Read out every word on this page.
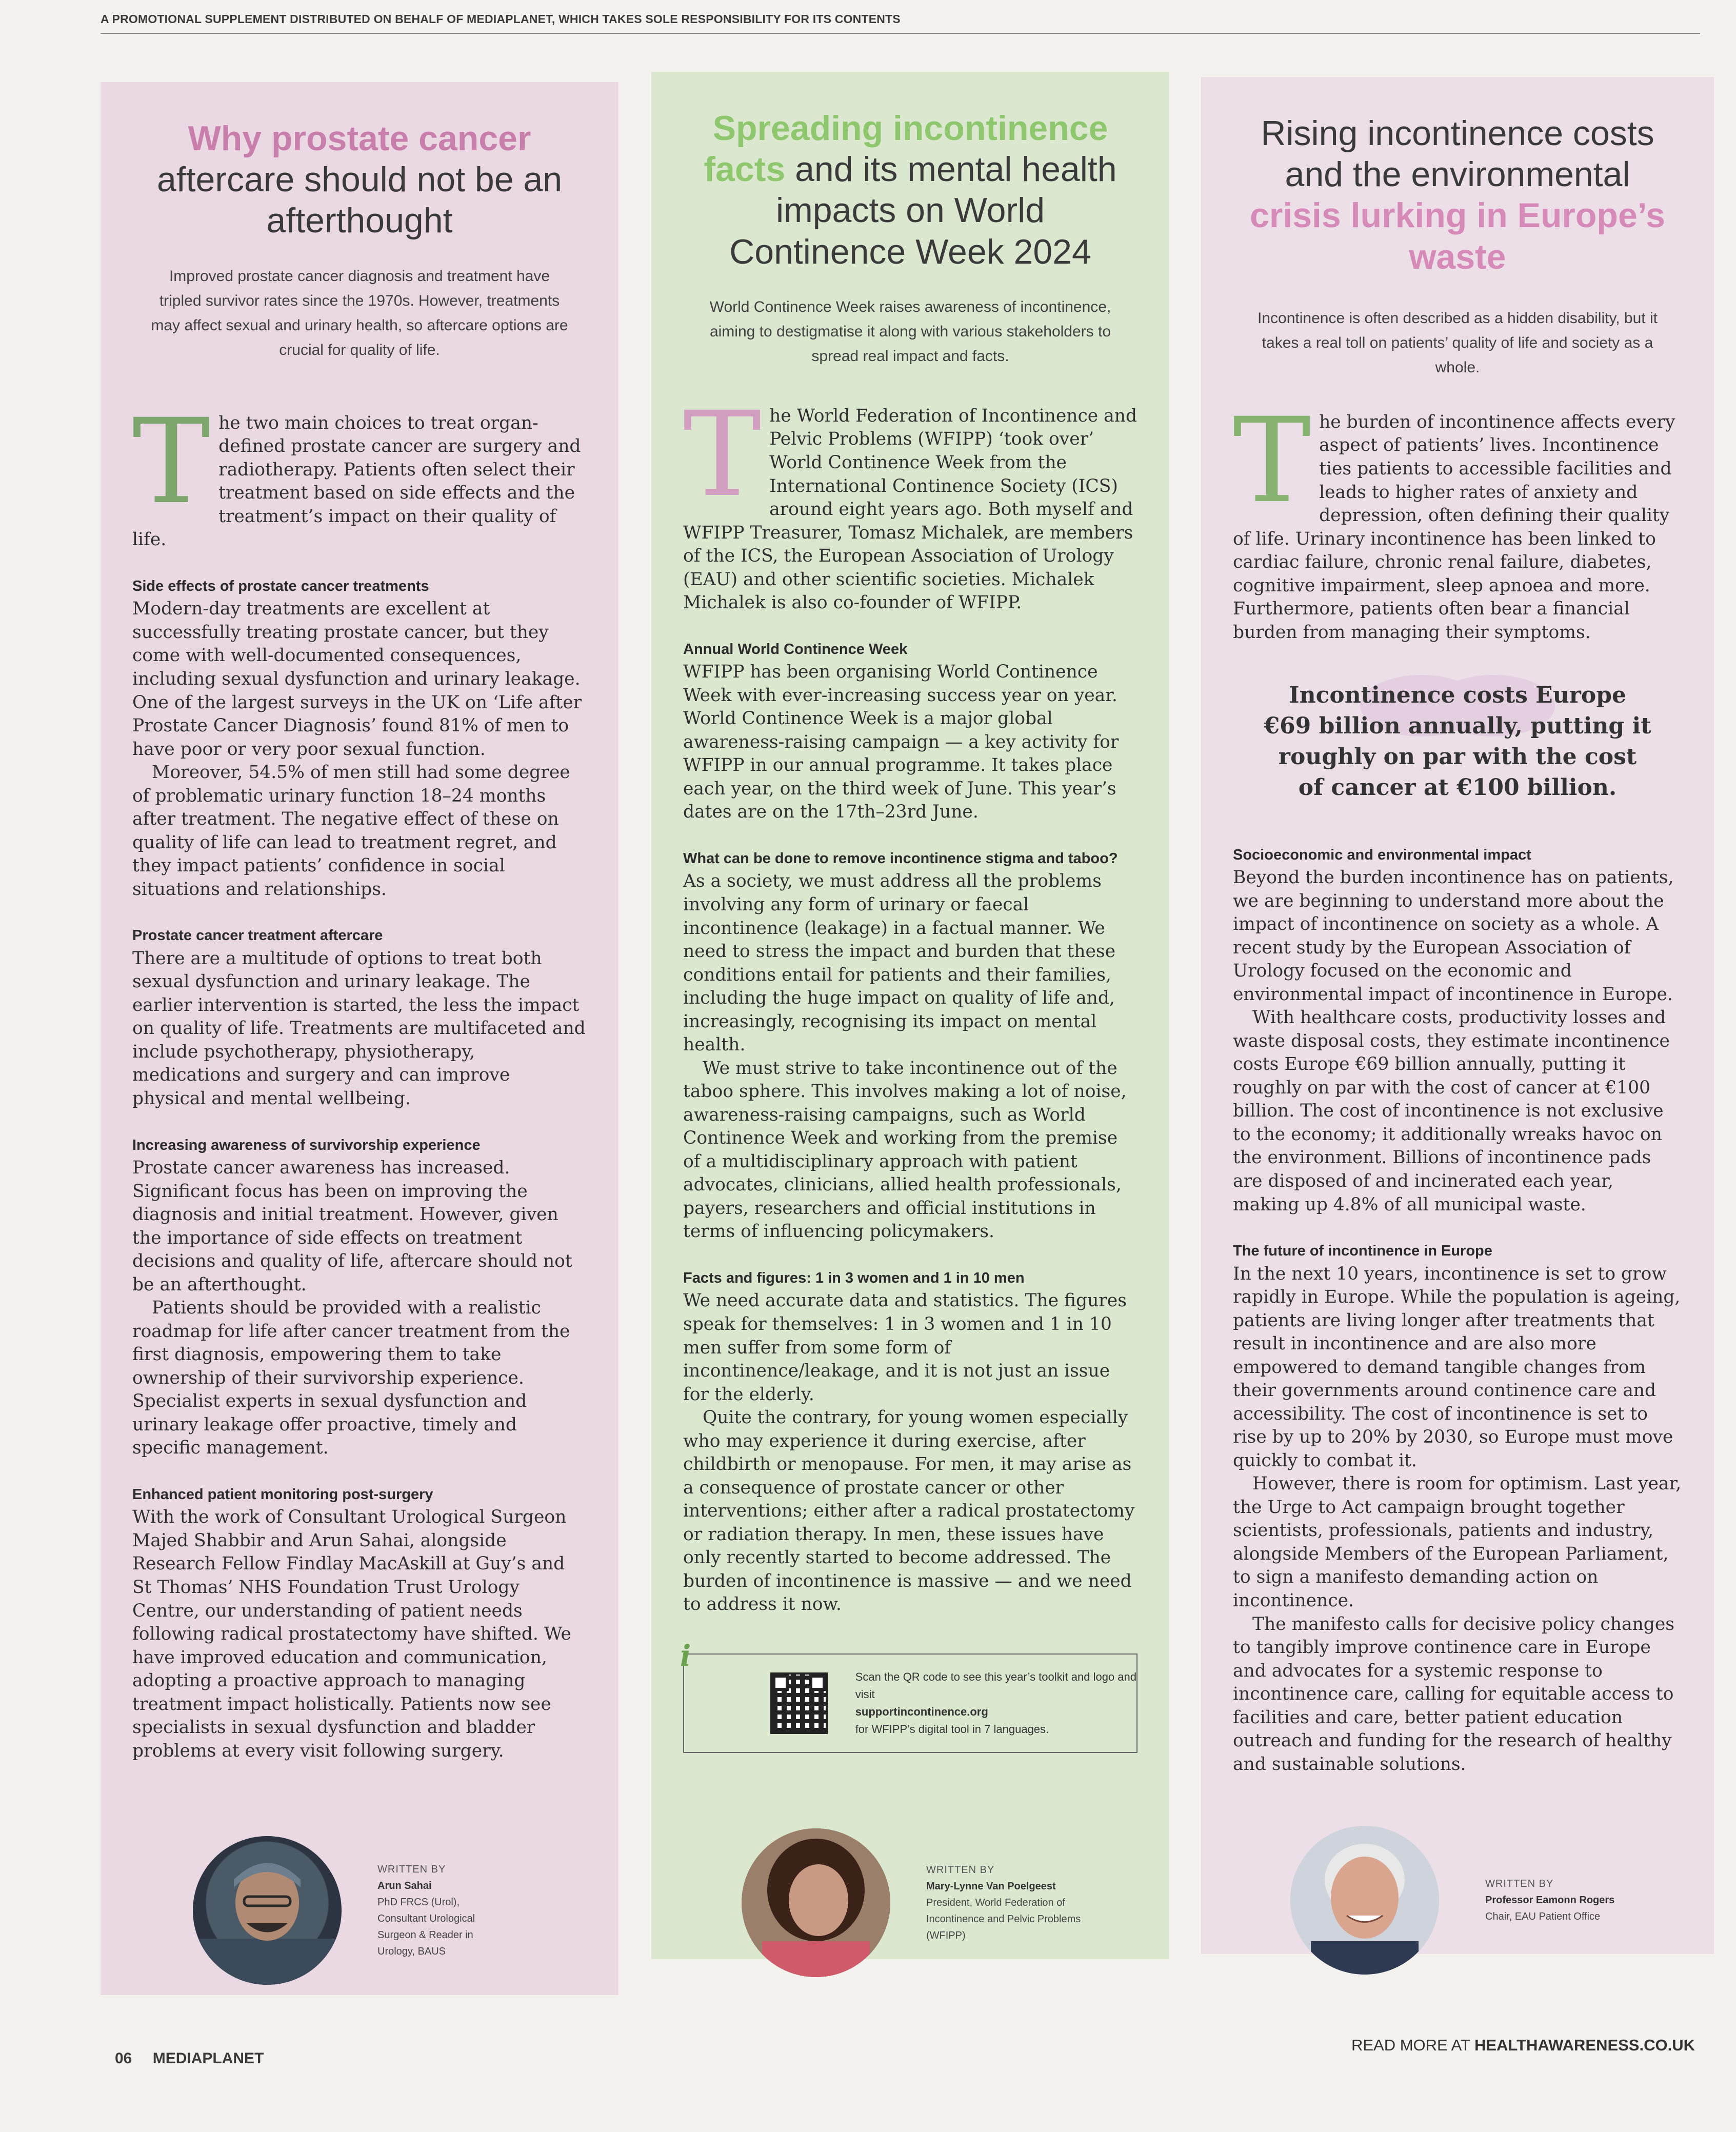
A PROMOTIONAL SUPPLEMENT DISTRIBUTED ON BEHALF OF MEDIAPLANET, WHICH TAKES SOLE RESPONSIBILITY FOR ITS CONTENTS
Why prostate cancer
aftercare should not be an afterthought
Improved prostate cancer diagnosis and treatment have tripled survivor rates since the 1970s. However, treatments may affect sexual and urinary health, so aftercare options are crucial for quality of life.

The two main choices to treat organ-defined prostate cancer are surgery and radiotherapy. Patients often select their treatment based on side effects and the treatment’s impact on their quality of life.

Side effects of prostate cancer treatments

Modern-day treatments are excellent at successfully treating prostate cancer, but they come with well-documented consequences, including sexual dysfunction and urinary leakage. One of the largest surveys in the UK on ‘Life after Prostate Cancer Diagnosis’ found 81% of men to have poor or very poor sexual function.

Moreover, 54.5% of men still had some degree of problematic urinary function 18–24 months after treatment. The negative effect of these on quality of life can lead to treatment regret, and they impact patients’ confidence in social situations and relationships.

Prostate cancer treatment aftercare

There are a multitude of options to treat both sexual dysfunction and urinary leakage. The earlier intervention is started, the less the impact on quality of life. Treatments are multifaceted and include psychotherapy, physiotherapy, medications and surgery and can improve physical and mental wellbeing.

Increasing awareness of survivorship experience

Prostate cancer awareness has increased. Significant focus has been on improving the diagnosis and initial treatment. However, given the importance of side effects on treatment decisions and quality of life, aftercare should not be an afterthought.

Patients should be provided with a realistic roadmap for life after cancer treatment from the first diagnosis, empowering them to take ownership of their survivorship experience. Specialist experts in sexual dysfunction and urinary leakage offer proactive, timely and specific management.

Enhanced patient monitoring post-surgery

With the work of Consultant Urological Surgeon Majed Shabbir and Arun Sahai, alongside Research Fellow Findlay MacAskill at Guy’s and St Thomas’ NHS Foundation Trust Urology Centre, our understanding of patient needs following radical prostatectomy have shifted. We have improved education and communication, adopting a proactive approach to managing treatment impact holistically. Patients now see specialists in sexual dysfunction and bladder problems at every visit following surgery.

Spreading incontinence facts and its mental health impacts on World Continence Week 2024
World Continence Week raises awareness of incontinence, aiming to destigmatise it along with various stakeholders to spread real impact and facts.

The World Federation of Incontinence and Pelvic Problems (WFIPP) ‘took over’ World Continence Week from the International Continence Society (ICS) around eight years ago. Both myself and WFIPP Treasurer, Tomasz Michalek, are members of the ICS, the European Association of Urology (EAU) and other scientific societies. Michalek Michalek is also co-founder of WFIPP.

Annual World Continence Week

WFIPP has been organising World Continence Week with ever-increasing success year on year. World Continence Week is a major global awareness-raising campaign — a key activity for WFIPP in our annual programme. It takes place each year, on the third week of June. This year’s dates are on the 17th–23rd June.

What can be done to remove incontinence stigma and taboo?

As a society, we must address all the problems involving any form of urinary or faecal incontinence (leakage) in a factual manner. We need to stress the impact and burden that these conditions entail for patients and their families, including the huge impact on quality of life and, increasingly, recognising its impact on mental health.

We must strive to take incontinence out of the taboo sphere. This involves making a lot of noise, awareness-raising campaigns, such as World Continence Week and working from the premise of a multidisciplinary approach with patient advocates, clinicians, allied health professionals, payers, researchers and official institutions in terms of influencing policymakers.

Facts and figures: 1 in 3 women and 1 in 10 men

We need accurate data and statistics. The figures speak for themselves: 1 in 3 women and 1 in 10 men suffer from some form of incontinence/leakage, and it is not just an issue for the elderly.

Quite the contrary, for young women especially who may experience it during exercise, after childbirth or menopause. For men, it may arise as a consequence of prostate cancer or other interventions; either after a radical prostatectomy or radiation therapy. In men, these issues have only recently started to become addressed. The burden of incontinence is massive — and we need to address it now.

i
Scan the QR code to see this year’s toolkit and logo and visit
supportincontinence.org
for WFIPP’s digital tool in 7 languages.
Rising incontinence costs and the environmental
crisis lurking in Europe’s waste
Incontinence is often described as a hidden disability, but it takes a real toll on patients’ quality of life and society as a whole.

The burden of incontinence affects every aspect of patients’ lives. Incontinence ties patients to accessible facilities and leads to higher rates of anxiety and depression, often defining their quality of life. Urinary incontinence has been linked to cardiac failure, chronic renal failure, diabetes, cognitive impairment, sleep apnoea and more. Furthermore, patients often bear a financial burden from managing their symptoms.

Incontinence costs Europe €69 billion annually, putting it roughly on par with the cost of cancer at €100 billion.
Socioeconomic and environmental impact

Beyond the burden incontinence has on patients, we are beginning to understand more about the impact of incontinence on society as a whole. A recent study by the European Association of Urology focused on the economic and environmental impact of incontinence in Europe.

With healthcare costs, productivity losses and waste disposal costs, they estimate incontinence costs Europe €69 billion annually, putting it roughly on par with the cost of cancer at €100 billion. The cost of incontinence is not exclusive to the economy; it additionally wreaks havoc on the environment. Billions of incontinence pads are disposed of and incinerated each year, making up 4.8% of all municipal waste.

The future of incontinence in Europe

In the next 10 years, incontinence is set to grow rapidly in Europe. While the population is ageing, patients are living longer after treatments that result in incontinence and are also more empowered to demand tangible changes from their governments around continence care and accessibility. The cost of incontinence is set to rise by up to 20% by 2030, so Europe must move quickly to combat it.

However, there is room for optimism. Last year, the Urge to Act campaign brought together scientists, professionals, patients and industry, alongside Members of the European Parliament, to sign a manifesto demanding action on incontinence.

The manifesto calls for decisive policy changes to tangibly improve continence care in Europe and advocates for a systemic response to incontinence care, calling for equitable access to facilities and care, better patient education outreach and funding for the research of healthy and sustainable solutions.

WRITTEN BY
Arun Sahai
PhD FRCS (Urol), Consultant Urological Surgeon & Reader in Urology, BAUS
WRITTEN BY
Mary-Lynne Van Poelgeest
President, World Federation of Incontinence and Pelvic Problems (WFIPP)
WRITTEN BY
Professor Eamonn Rogers
Chair, EAU Patient Office
06 MEDIAPLANET
READ MORE AT HEALTHAWARENESS.CO.UK
